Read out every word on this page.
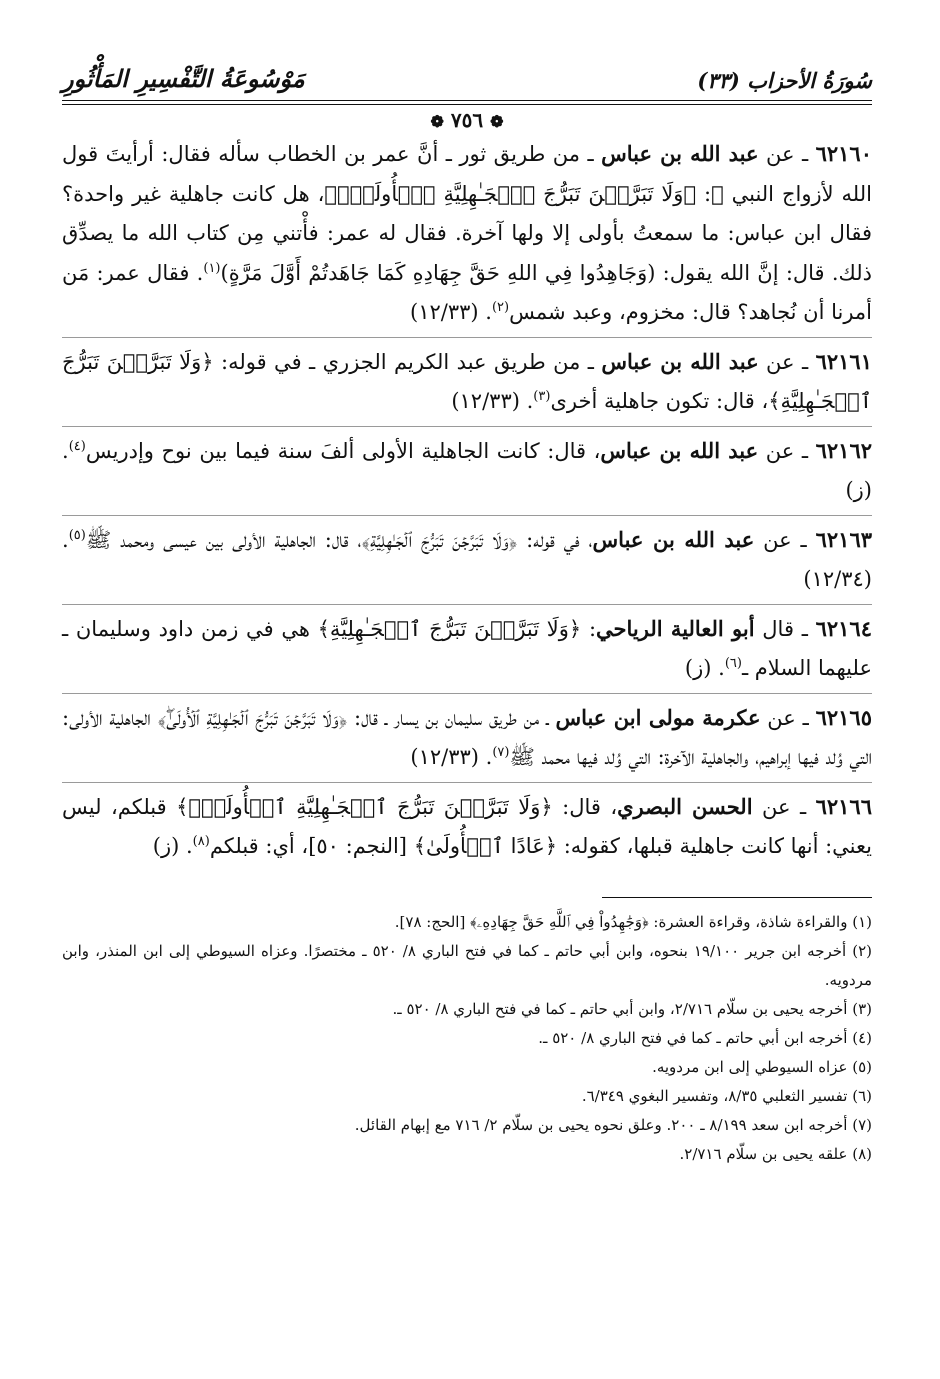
سُورَةُ الأحزاب (٣٣)
مَوْسُوعَةُ التَّفْسِيرِ المَأْثُورِ
❁ ٧٥٦ ❁

٦٢١٦٠ ـ عن عبد الله بن عباس ـ من طريق ثور ـ أنَّ عمر بن الخطاب سأله فقال: أرأيتَ قول الله لأزواج النبي ﷺ: ﴿وَلَا تَبَرَّجۡنَ تَبَرُّجَ ٱلۡجَـٰهِلِيَّةِ ٱلۡأُولَىٰۖ﴾، هل كانت جاهلية غير واحدة؟ فقال ابن عباس: ما سمعتُ بأولى إلا ولها آخرة. فقال له عمر: فأْتني مِن كتاب الله ما يصدِّق ذلك. قال: إنَّ الله يقول: (وَجَاهِدُوا فِي اللهِ حَقَّ جِهَادِهِ كَمَا جَاهَدتُمْ أَوَّلَ مَرَّةٍ)$^{(١)}$. فقال عمر: مَن أمرنا أن نُجاهد؟ قال: مخزوم، وعبد شمس$^{(٢)}$. (١٢/٣٣)

٦٢١٦١ ـ عن عبد الله بن عباس ـ من طريق عبد الكريم الجزري ـ في قوله: ﴿وَلَا تَبَرَّجۡنَ تَبَرُّجَ ٱلۡجَـٰهِلِيَّةِ﴾، قال: تكون جاهلية أخرى$^{(٣)}$. (١٢/٣٣)

٦٢١٦٢ ـ عن عبد الله بن عباس، قال: كانت الجاهلية الأولى ألفَ سنة فيما بين نوح وإدريس$^{(٤)}$. (ز)

٦٢١٦٣ ـ عن عبد الله بن عباس، في قوله: ﴿وَلَا تَبَرَّجۡنَ تَبَرُّجَ ٱلۡجَـٰهِلِيَّةِ﴾، قال: الجاهلية الأولى بين عيسى ومحمد ﷺ$^{(٥)}$. (١٢/٣٤)

٦٢١٦٤ ـ قال أبو العالية الرياحي: ﴿وَلَا تَبَرَّجۡنَ تَبَرُّجَ ٱلۡجَـٰهِلِيَّةِ﴾ هي في زمن داود وسليمان ـ عليهما السلام ـ$^{(٦)}$. (ز)

٦٢١٦٥ ـ عن عكرمة مولى ابن عباس ـ من طريق سليمان بن يسار ـ قال: ﴿وَلَا تَبَرَّجۡنَ تَبَرُّجَ ٱلۡجَـٰهِلِيَّةِ ٱلۡأُولَىٰۖ﴾ الجاهلية الأولى: التي وُلد فيها إبراهيم، والجاهلية الآخرة: التي وُلد فيها محمد ﷺ$^{(٧)}$. (١٢/٣٣)

٦٢١٦٦ ـ عن الحسن البصري، قال: ﴿وَلَا تَبَرَّجۡنَ تَبَرُّجَ ٱلۡجَـٰهِلِيَّةِ ٱلۡأُولَىٰۖ﴾ قبلكم، ليس يعني: أنها كانت جاهلية قبلها، كقوله: ﴿عَادًا ٱلۡأُولَىٰ﴾ [النجم: ٥٠]، أي: قبلكم$^{(٨)}$. (ز)

(١) والقراءة شاذة، وقراءة العشرة: ﴿وَجَٰهِدُواْ فِي ٱللَّهِ حَقَّ جِهَادِهِۦ﴾ [الحج: ٧٨].
(٢) أخرجه ابن جرير ١٩/١٠٠ بنحوه، وابن أبي حاتم ـ كما في فتح الباري ٨/ ٥٢٠ ـ مختصرًا. وعزاه السيوطي إلى ابن المنذر، وابن مردويه.
(٣) أخرجه يحيى بن سلّام ٢/٧١٦، وابن أبي حاتم ـ كما في فتح الباري ٨/ ٥٢٠ ـ.
(٤) أخرجه ابن أبي حاتم ـ كما في فتح الباري ٨/ ٥٢٠ ـ.
(٥) عزاه السيوطي إلى ابن مردويه.
(٦) تفسير الثعلبي ٨/٣٥، وتفسير البغوي ٦/٣٤٩.
(٧) أخرجه ابن سعد ٨/١٩٩ ـ ٢٠٠. وعلق نحوه يحيى بن سلّام ٢/ ٧١٦ مع إبهام القائل.
(٨) علقه يحيى بن سلّام ٢/٧١٦.
